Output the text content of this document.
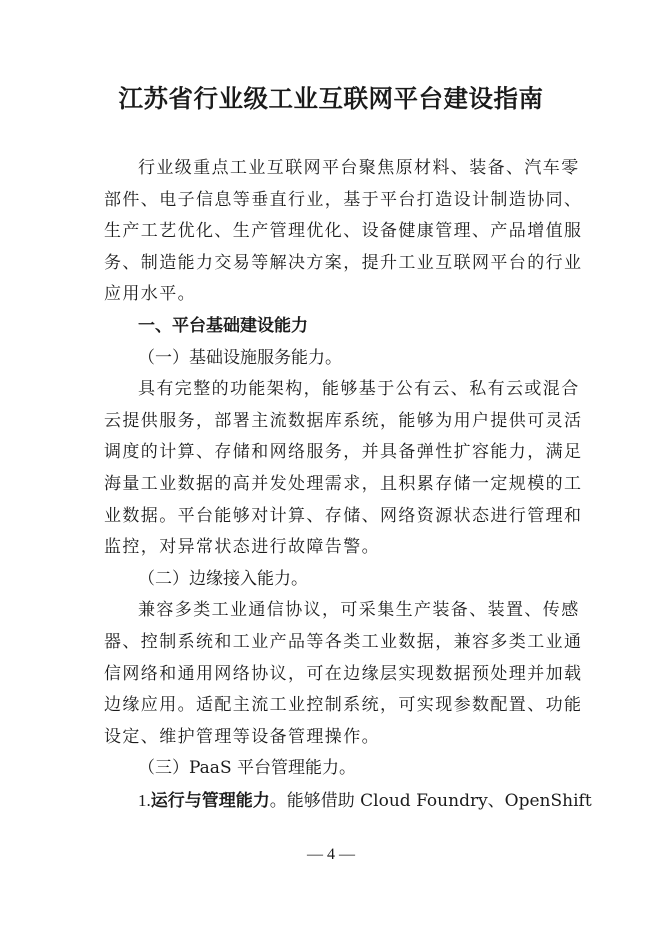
江苏省行业级工业互联网平台建设指南
行业级重点工业互联网平台聚焦原材料、装备、汽车零
部件、电子信息等垂直行业，基于平台打造设计制造协同、
生产工艺优化、生产管理优化、设备健康管理、产品增值服
务、制造能力交易等解决方案，提升工业互联网平台的行业
应用水平。
一、平台基础建设能力
（一）基础设施服务能力。
具有完整的功能架构，能够基于公有云、私有云或混合
云提供服务，部署主流数据库系统，能够为用户提供可灵活
调度的计算、存储和网络服务，并具备弹性扩容能力，满足
海量工业数据的高并发处理需求，且积累存储一定规模的工
业数据。平台能够对计算、存储、网络资源状态进行管理和
监控，对异常状态进行故障告警。
（二）边缘接入能力。
兼容多类工业通信协议，可采集生产装备、装置、传感
器、控制系统和工业产品等各类工业数据，兼容多类工业通
信网络和通用网络协议，可在边缘层实现数据预处理并加载
边缘应用。适配主流工业控制系统，可实现参数配置、功能
设定、维护管理等设备管理操作。
（三）PaaS 平台管理能力。
1.运行与管理能力。能够借助 Cloud Foundry、OpenShift
— 4 —
